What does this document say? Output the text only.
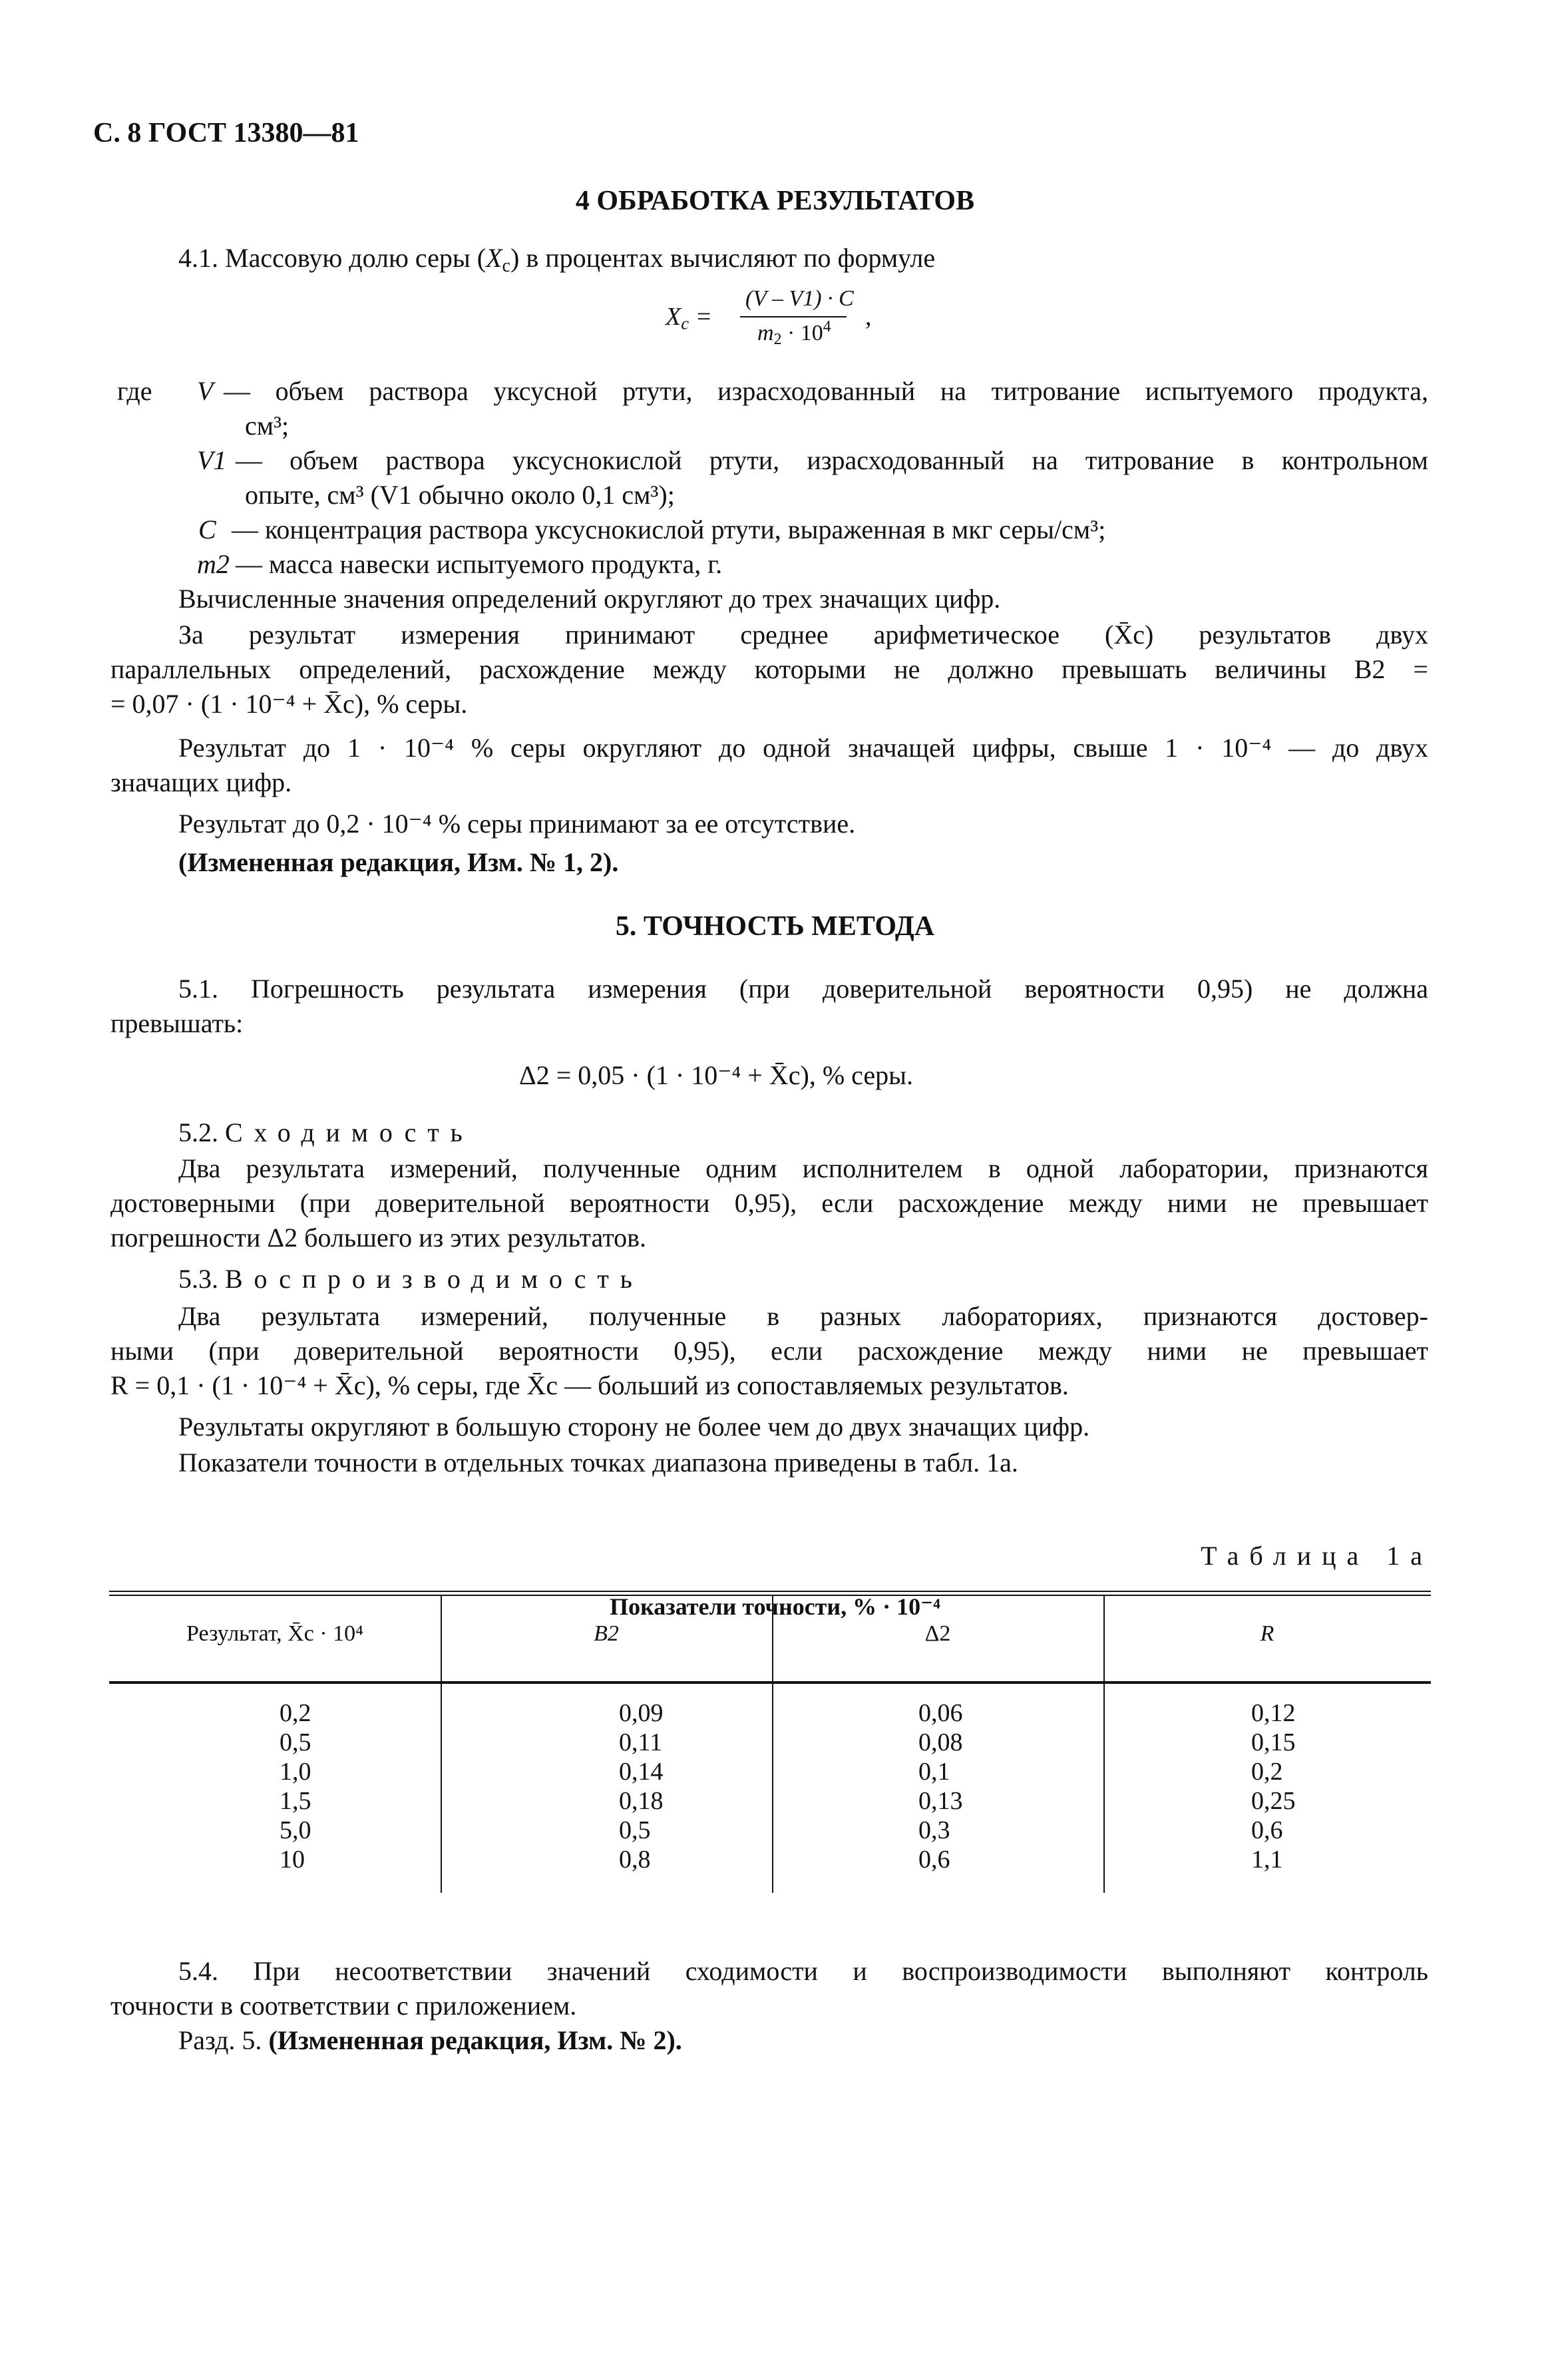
С. 8 ГОСТ 13380—81
4 ОБРАБОТКА РЕЗУЛЬТАТОВ
4.1. Массовую долю серы $(X_c)$ в процентах вычисляют по формуле
$X_c$ =
(V – V1) · C
$m_2 \cdot 10^4$ ,
где V — объем раствора уксусной ртути, израсходованный на титрование испытуемого продукта,
см³;
V1 — объем раствора уксуснокислой ртути, израсходованный на титрование в контрольном
опыте, см³ (V1 обычно около 0,1 см³);
C — концентрация раствора уксуснокислой ртути, выраженная в мкг серы/см³;
m2 — масса навески испытуемого продукта, г.
Вычисленные значения определений округляют до трех значащих цифр.
За результат измерения принимают среднее арифметическое (X̄c) результатов двух
параллельных определений, расхождение между которыми не должно превышать величины B2 =
= 0,07 · (1 · 10⁻⁴ + X̄c), % серы.
Результат до 1 · 10⁻⁴ % серы округляют до одной значащей цифры, свыше 1 · 10⁻⁴ — до двух
значащих цифр.
Результат до 0,2 · 10⁻⁴ % серы принимают за ее отсутствие.
(Измененная редакция, Изм. № 1, 2).
5. ТОЧНОСТЬ МЕТОДА
5.1. Погрешность результата измерения (при доверительной вероятности 0,95) не должна
превышать:
Δ2 = 0,05 · (1 · 10⁻⁴ + X̄c), % серы.
5.2. Сходимость
Два результата измерений, полученные одним исполнителем в одной лаборатории, признаются
достоверными (при доверительной вероятности 0,95), если расхождение между ними не превышает
погрешности Δ2 большего из этих результатов.
5.3. Воспроизводимость
Два результата измерений, полученные в разных лабораториях, признаются достовер-
ными (при доверительной вероятности 0,95), если расхождение между ними не превышает
R = 0,1 · (1 · 10⁻⁴ + X̄c), % серы, где X̄c — больший из сопоставляемых результатов.
Результаты округляют в большую сторону не более чем до двух значащих цифр.
Показатели точности в отдельных точках диапазона приведены в табл. 1а.
Таблица 1а
Показатели точности, % · 10⁻⁴
Результат, X̄c · 10⁴	B2	Δ2	R
0,2	0,09	0,06	0,12
0,5	0,11	0,08	0,15
1,0	0,14	0,1	0,2
1,5	0,18	0,13	0,25
5,0	0,5	0,3	0,6
10	0,8	0,6	1,1
5.4. При несоответствии значений сходимости и воспроизводимости выполняют контроль
точности в соответствии с приложением.
Разд. 5. (Измененная редакция, Изм. № 2).
